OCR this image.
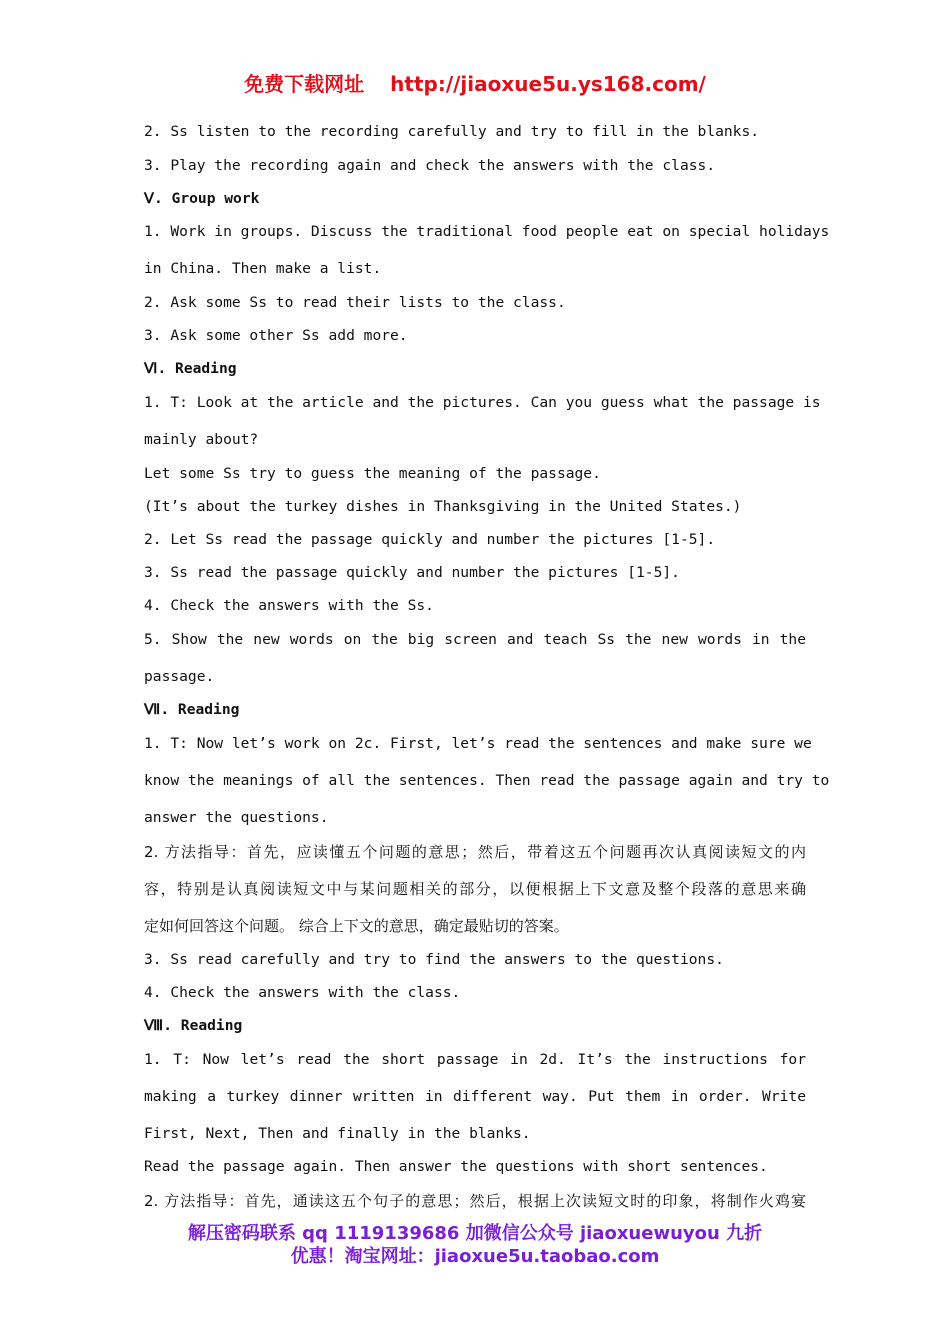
免费下载网址 http://jiaoxue5u.ys168.com/
2. Ss listen to the recording carefully and try to fill in the blanks.
3. Play the recording again and check the answers with the class.
Ⅴ. Group work
1. Work in groups. Discuss the traditional food people eat on special holidays
in China. Then make a list.
2. Ask some Ss to read their lists to the class.
3. Ask some other Ss add more.
Ⅵ. Reading
1. T: Look at the article and the pictures. Can you guess what the passage is
mainly about?
Let some Ss try to guess the meaning of the passage.
(It’s about the turkey dishes in Thanksgiving in the United States.)
2. Let Ss read the passage quickly and number the pictures [1-5].
3. Ss read the passage quickly and number the pictures [1-5].
4. Check the answers with the Ss.
5. Show the new words on the big screen and teach Ss the new words in the
passage.
Ⅶ. Reading
1. T: Now let’s work on 2c. First, let’s read the sentences and make sure we
know the meanings of all the sentences. Then read the passage again and try to
answer the questions.
2. 方法指导：首先，应读懂五个问题的意思；然后，带着这五个问题再次认真阅读短文的内
容，特别是认真阅读短文中与某问题相关的部分，以便根据上下文意及整个段落的意思来确
定如何回答这个问题。 综合上下文的意思，确定最贴切的答案。
3. Ss read carefully and try to find the answers to the questions.
4. Check the answers with the class.
Ⅷ. Reading
1. T: Now let’s read the short passage in 2d. It’s the instructions for
making a turkey dinner written in different way. Put them in order. Write
First, Next, Then and finally in the blanks.
Read the passage again. Then answer the questions with short sentences.
2. 方法指导：首先，通读这五个句子的意思；然后，根据上次读短文时的印象，将制作火鸡宴
解压密码联系 qq 1119139686 加微信公众号 jiaoxuewuyou 九折
优惠！淘宝网址：jiaoxue5u.taobao.com
